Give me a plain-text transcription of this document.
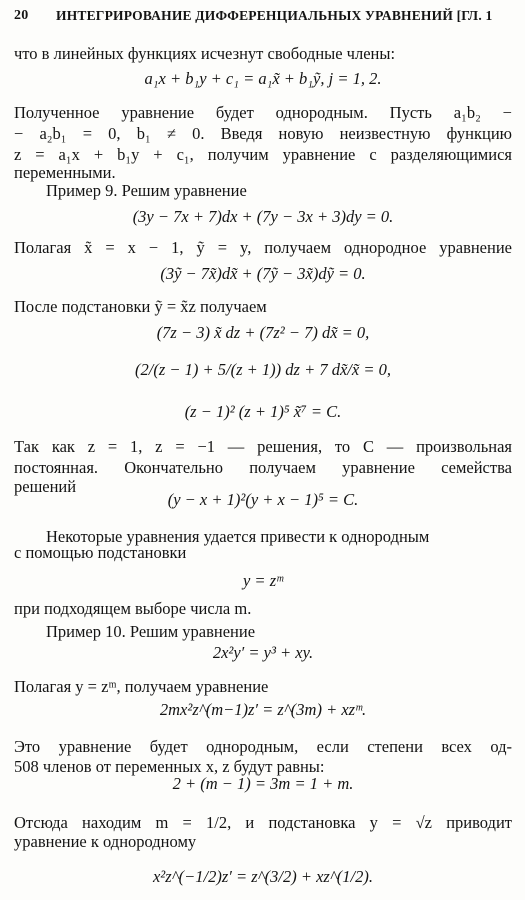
20 ИНТЕГРИРОВАНИЕ ДИФФЕРЕНЦИАЛЬНЫХ УРАВНЕНИЙ [ГЛ. 1
что в линейных функциях исчезнут свободные члены:
a₁x + b₁y + c₁ = a₁x̃ + b₁ỹ, j = 1, 2.
Полученное уравнение будет однородным. Пусть a₁b₂ −
− a₂b₁ = 0, b₁ ≠ 0. Введя новую неизвестную функцию
z = a₁x + b₁y + c₁, получим уравнение с разделяющимися
переменными.
Пример 9. Решим уравнение
(3y − 7x + 7)dx + (7y − 3x + 3)dy = 0.
Полагая x̃ = x − 1, ỹ = y, получаем однородное уравнение
(3ỹ − 7x̃)dx̃ + (7ỹ − 3x̃)dỹ = 0.
После подстановки ỹ = x̃z получаем
(7z − 3) x̃ dz + (7z² − 7) dx̃ = 0,
(2/(z − 1) + 5/(z + 1)) dz + 7 dx̃/x̃ = 0,
(z − 1)² (z + 1)⁵ x̃⁷ = C.
Так как z = 1, z = −1 — решения, то C — произвольная
постоянная. Окончательно получаем уравнение семейства
решений
(y − x + 1)²(y + x − 1)⁵ = C.
Некоторые уравнения удается привести к однородным
с помощью подстановки
y = zᵐ
при подходящем выборе числа m.
Пример 10. Решим уравнение
2x²y′ = y³ + xy.
Полагая y = zᵐ, получаем уравнение
2mx²z^(m−1)z′ = z^(3m) + xzᵐ.
Это уравнение будет однородным, если степени всех од-
508 членов от переменных x, z будут равны:
2 + (m − 1) = 3m = 1 + m.
Отсюда находим m = 1/2, и подстановка y = √z приводит
уравнение к однородному
x²z^(−1/2)z′ = z^(3/2) + xz^(1/2).
